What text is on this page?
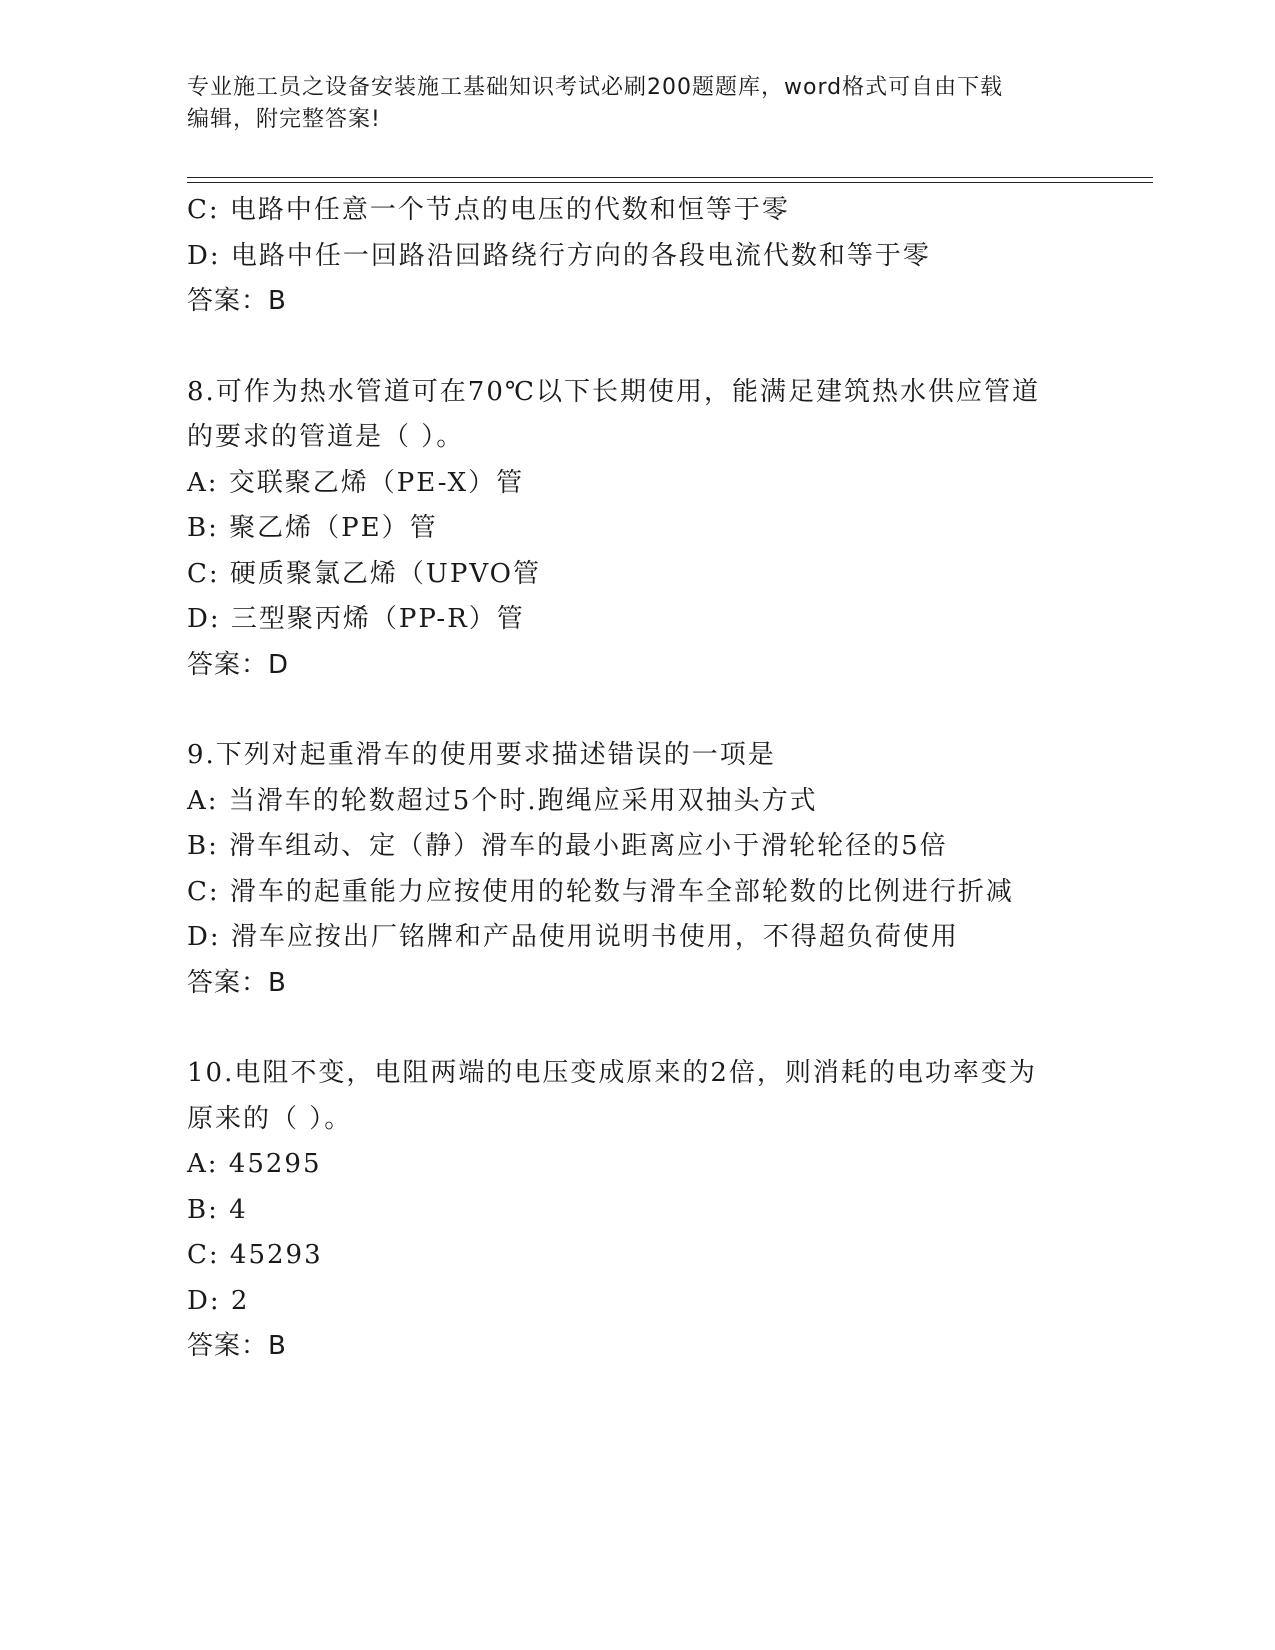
专业施工员之设备安装施工基础知识考试必刷200题题库，word格式可自由下载
编辑，附完整答案!
C: 电路中任意一个节点的电压的代数和恒等于零
D: 电路中任一回路沿回路绕行方向的各段电流代数和等于零
答案：B
8.可作为热水管道可在70℃以下长期使用，能满足建筑热水供应管道
的要求的管道是（ ）。
A: 交联聚乙烯（PE-X）管
B: 聚乙烯（PE）管
C: 硬质聚氯乙烯（UPVO管
D: 三型聚丙烯（PP-R）管
答案：D
9.下列对起重滑车的使用要求描述错误的一项是
A: 当滑车的轮数超过5个时.跑绳应采用双抽头方式
B: 滑车组动、定（静）滑车的最小距离应小于滑轮轮径的5倍
C: 滑车的起重能力应按使用的轮数与滑车全部轮数的比例进行折减
D: 滑车应按出厂铭牌和产品使用说明书使用，不得超负荷使用
答案：B
10.电阻不变，电阻两端的电压变成原来的2倍，则消耗的电功率变为
原来的（ ）。
A: 45295
B: 4
C: 45293
D: 2
答案：B
